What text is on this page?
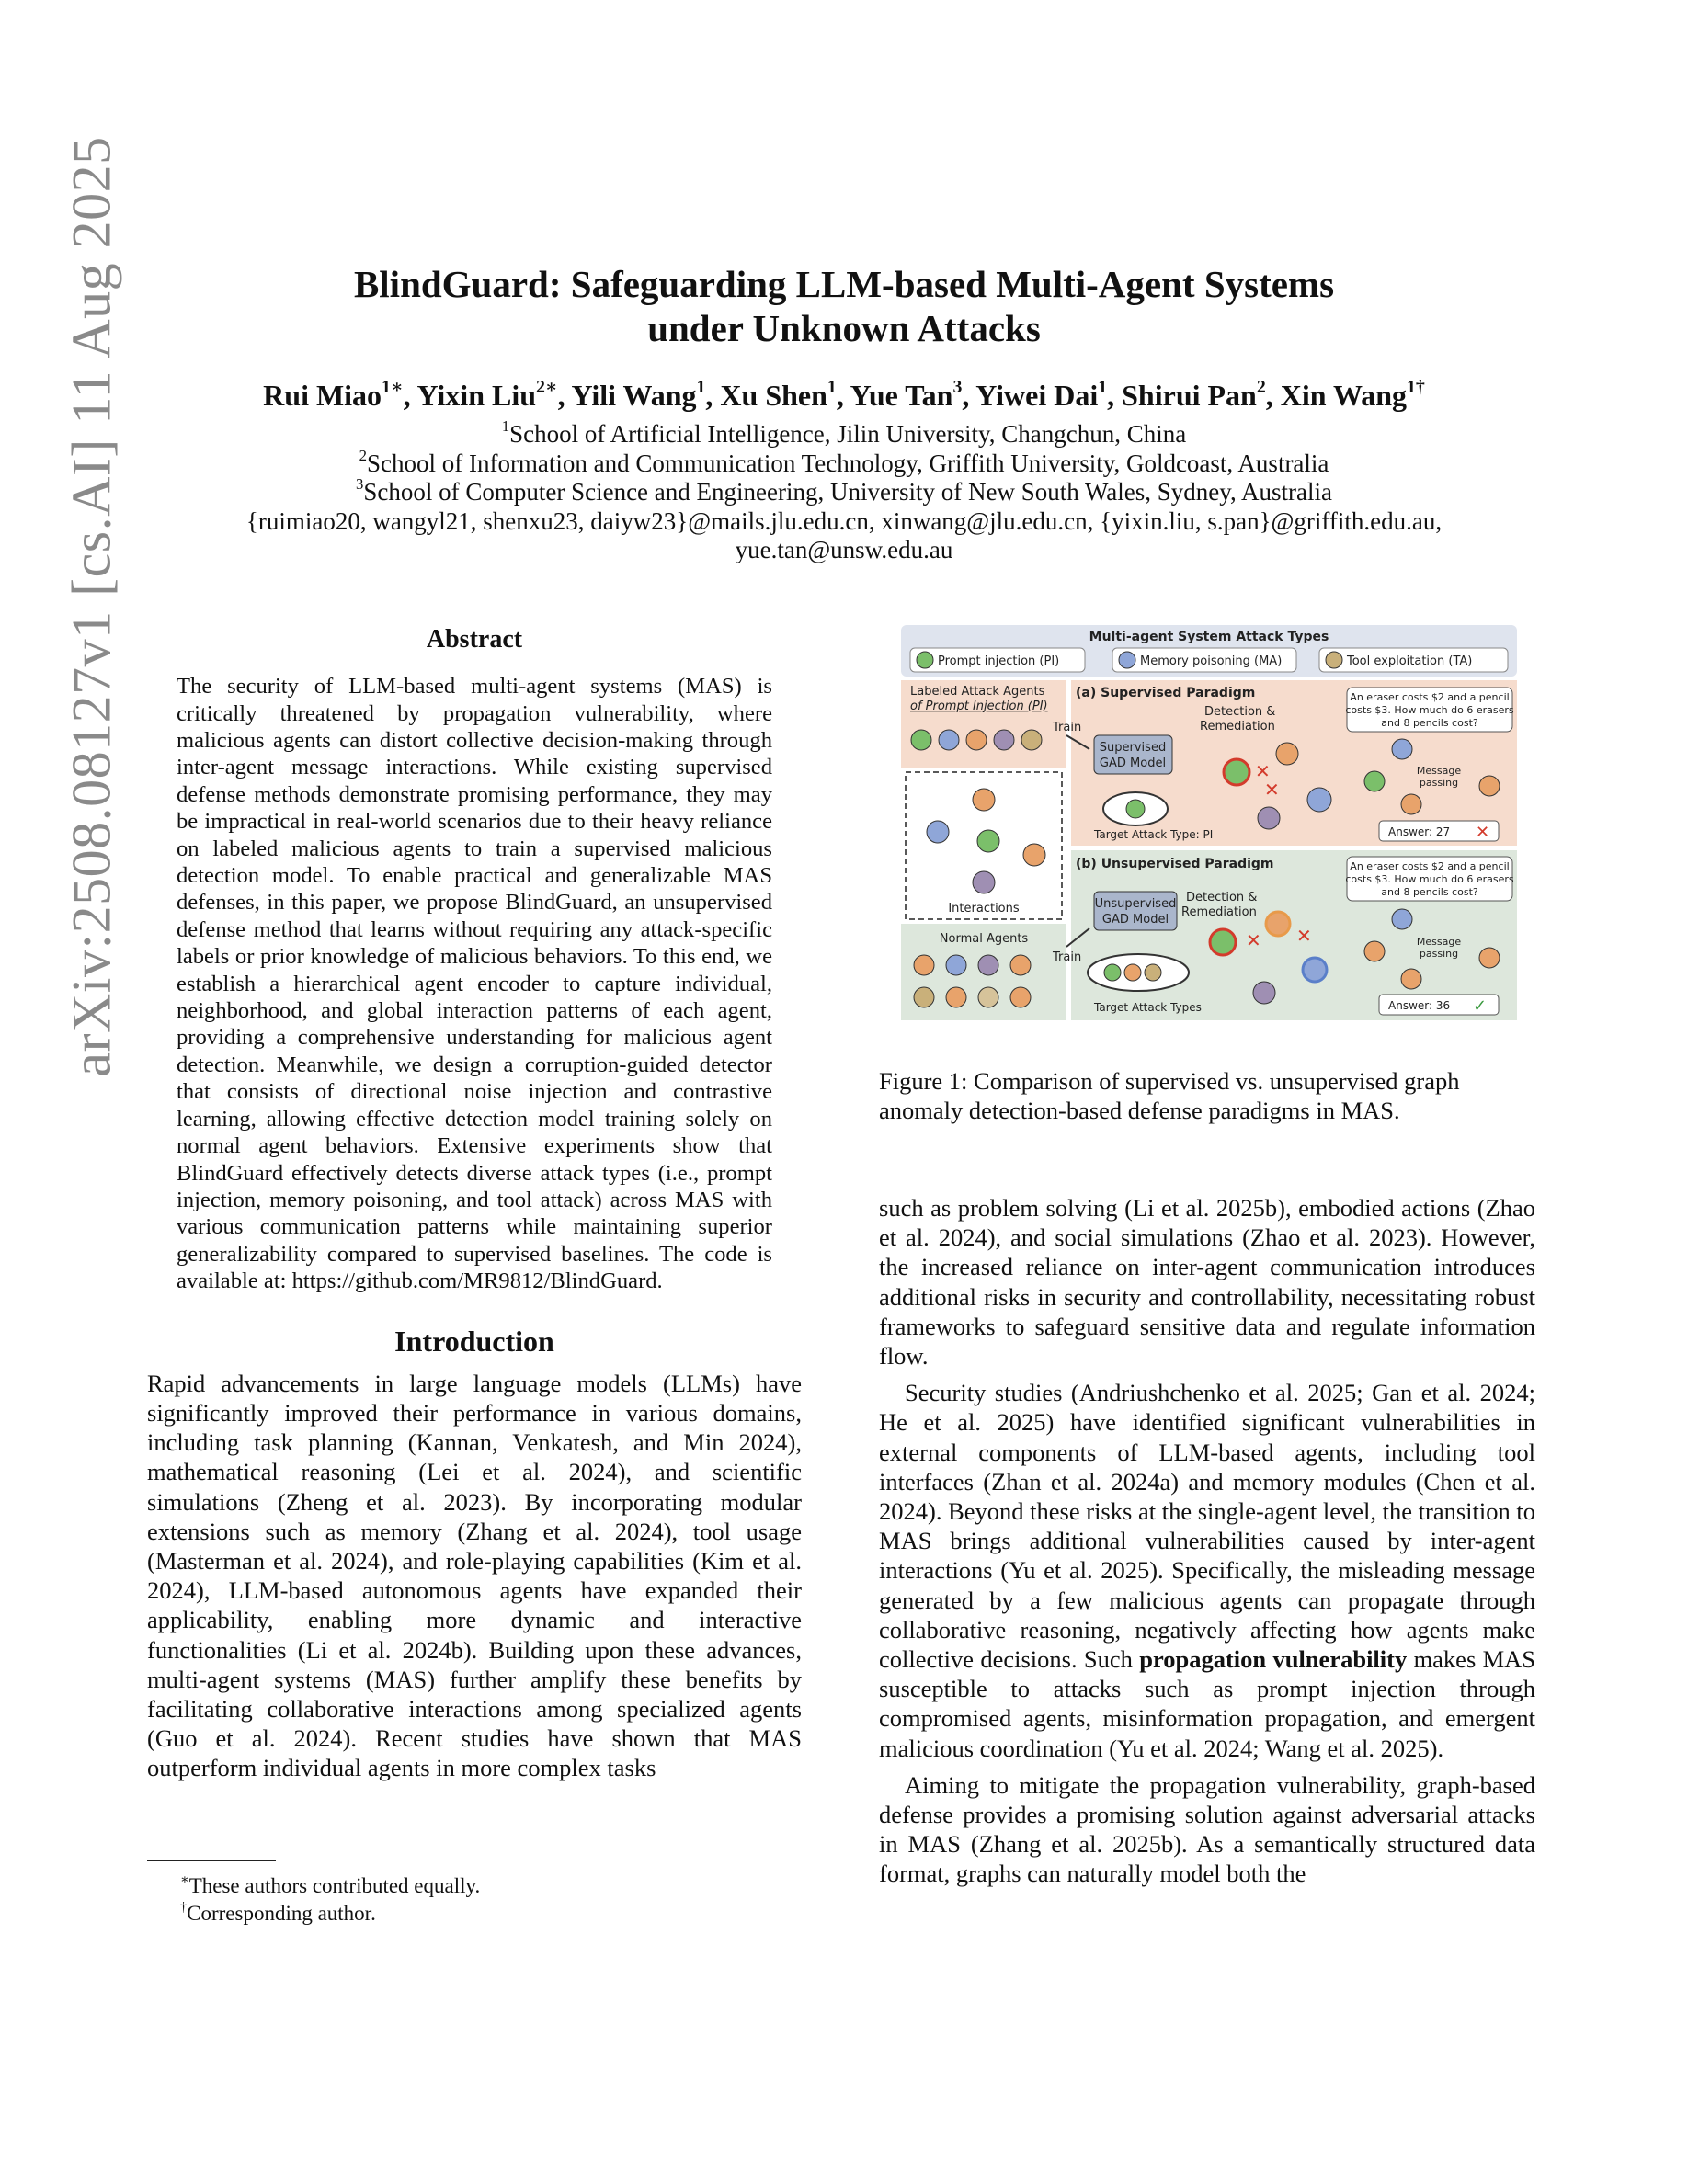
arXiv:2508.08127v1 [cs.AI] 11 Aug 2025	BlindGuard: Safeguarding LLM-based Multi-Agent Systems
under Unknown Attacks
Rui Miao$^{1∗}$, Yixin Liu$^{2∗}$, Yili Wang$^1$, Xu Shen$^1$, Yue Tan$^3$, Yiwei Dai$^1$, Shirui Pan$^2$, Xin Wang$^{1\dagger}$
$^1$School of Artificial Intelligence, Jilin University, Changchun, China
$^2$School of Information and Communication Technology, Griffith University, Goldcoast, Australia
$^3$School of Computer Science and Engineering, University of New South Wales, Sydney, Australia
{ruimiao20, wangyl21, shenxu23, daiyw23}@mails.jlu.edu.cn, xinwang@jlu.edu.cn, {yixin.liu, s.pan}@griffith.edu.au,
yue.tan@unsw.edu.au
Abstract

The security of LLM-based multi-agent systems (MAS) is critically threatened by propagation vulnerability, where malicious agents can distort collective decision-making through inter-agent message interactions. While existing supervised defense methods demonstrate promising performance, they may be impractical in real-world scenarios due to their heavy reliance on labeled malicious agents to train a supervised malicious detection model. To enable practical and generalizable MAS defenses, in this paper, we propose BlindGuard, an unsupervised defense method that learns without requiring any attack-specific labels or prior knowledge of malicious behaviors. To this end, we establish a hierarchical agent encoder to capture individual, neighborhood, and global interaction patterns of each agent, providing a comprehensive understanding for malicious agent detection. Meanwhile, we design a corruption-guided detector that consists of directional noise injection and contrastive learning, allowing effective detection model training solely on normal agent behaviors. Extensive experiments show that BlindGuard effectively detects diverse attack types (i.e., prompt injection, memory poisoning, and tool attack) across MAS with various communication patterns while maintaining superior generalizability compared to supervised baselines. The code is available at: https://github.com/MR9812/BlindGuard.

Introduction

Rapid advancements in large language models (LLMs) have significantly improved their performance in various domains, including task planning (Kannan, Venkatesh, and Min 2024), mathematical reasoning (Lei et al. 2024), and scientific simulations (Zheng et al. 2023). By incorporating modular extensions such as memory (Zhang et al. 2024), tool usage (Masterman et al. 2024), and role-playing capabilities (Kim et al. 2024), LLM-based autonomous agents have expanded their applicability, enabling more dynamic and interactive functionalities (Li et al. 2024b). Building upon these advances, multi-agent systems (MAS) further amplify these benefits by facilitating collaborative interactions among specialized agents (Guo et al. 2024). Recent studies have shown that MAS outperform individual agents in more complex tasks

∗These authors contributed equally.
†Corresponding author.
Multi-agent System Attack Types
Prompt injection (PI)	Memory poisoning (MA)	Tool exploitation (TA)
Labeled Attack Agents
of Prompt Injection (PI)
Interactions
Normal Agents
(a) Supervised Paradigm
Train
Supervised
GAD Model
Detection &
Remediation
An eraser costs $2 and a pencil
costs $3. How much do 6 erasers
and 8 pencils cost?
Target Attack Type: PI
✕
✕
Message
passing
Answer: 27 ✕
(b) Unsupervised Paradigm
Unsupervised
GAD Model
Train
Detection &
Remediation
An eraser costs $2 and a pencil
costs $3. How much do 6 erasers
and 8 pencils cost?
Target Attack Types
✕ ✕	Message
passing
Answer: 36 ✓
Figure 1: Comparison of supervised vs. unsupervised graph anomaly detection-based defense paradigms in MAS.

such as problem solving (Li et al. 2025b), embodied actions (Zhao et al. 2024), and social simulations (Zhao et al. 2023). However, the increased reliance on inter-agent communication introduces additional risks in security and controllability, necessitating robust frameworks to safeguard sensitive data and regulate information flow.

Security studies (Andriushchenko et al. 2025; Gan et al. 2024; He et al. 2025) have identified significant vulnerabilities in external components of LLM-based agents, including tool interfaces (Zhan et al. 2024a) and memory modules (Chen et al. 2024). Beyond these risks at the single-agent level, the transition to MAS brings additional vulnerabilities caused by inter-agent interactions (Yu et al. 2025). Specifically, the misleading message generated by a few malicious agents can propagate through collaborative reasoning, negatively affecting how agents make collective decisions. Such propagation vulnerability makes MAS susceptible to attacks such as prompt injection through compromised agents, misinformation propagation, and emergent malicious coordination (Yu et al. 2024; Wang et al. 2025).

Aiming to mitigate the propagation vulnerability, graph-based defense provides a promising solution against adversarial attacks in MAS (Zhang et al. 2025b). As a semantically structured data format, graphs can naturally model both the
